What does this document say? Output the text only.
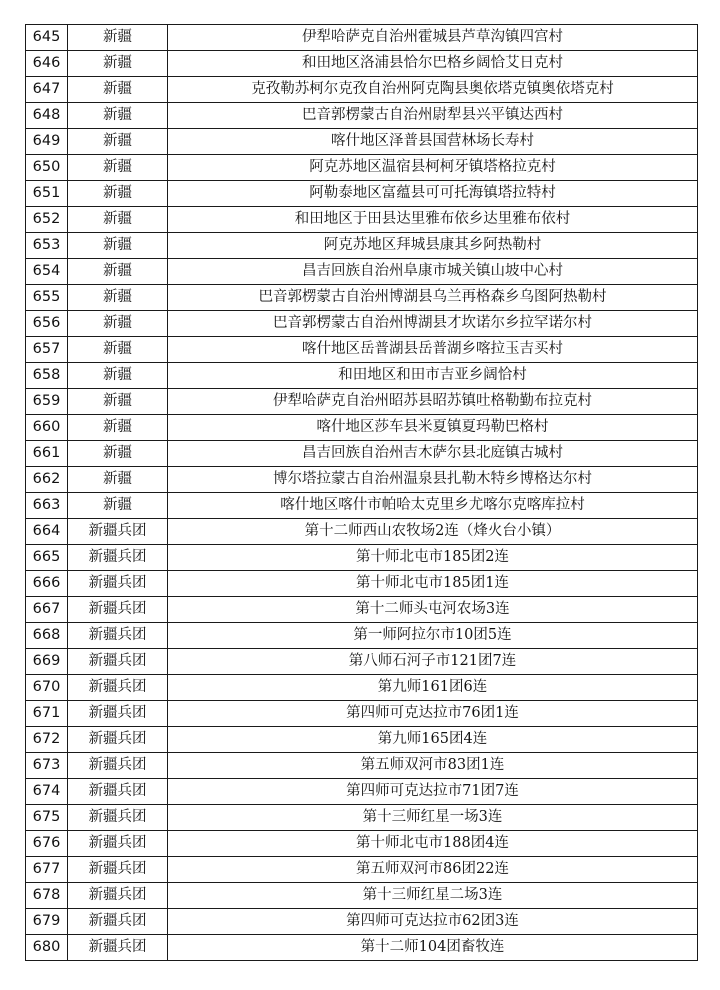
645	新疆	伊犁哈萨克自治州霍城县芦草沟镇四宫村
646	新疆	和田地区洛浦县恰尔巴格乡阔恰艾日克村
647	新疆	克孜勒苏柯尔克孜自治州阿克陶县奥依塔克镇奥依塔克村
648	新疆	巴音郭楞蒙古自治州尉犁县兴平镇达西村
649	新疆	喀什地区泽普县国营林场长寿村
650	新疆	阿克苏地区温宿县柯柯牙镇塔格拉克村
651	新疆	阿勒泰地区富蕴县可可托海镇塔拉特村
652	新疆	和田地区于田县达里雅布依乡达里雅布依村
653	新疆	阿克苏地区拜城县康其乡阿热勒村
654	新疆	昌吉回族自治州阜康市城关镇山坡中心村
655	新疆	巴音郭楞蒙古自治州博湖县乌兰再格森乡乌图阿热勒村
656	新疆	巴音郭楞蒙古自治州博湖县才坎诺尔乡拉罕诺尔村
657	新疆	喀什地区岳普湖县岳普湖乡喀拉玉吉买村
658	新疆	和田地区和田市吉亚乡阔恰村
659	新疆	伊犁哈萨克自治州昭苏县昭苏镇吐格勒勤布拉克村
660	新疆	喀什地区莎车县米夏镇夏玛勒巴格村
661	新疆	昌吉回族自治州吉木萨尔县北庭镇古城村
662	新疆	博尔塔拉蒙古自治州温泉县扎勒木特乡博格达尔村
663	新疆	喀什地区喀什市帕哈太克里乡尤喀尔克喀库拉村
664	新疆兵团	第十二师西山农牧场2连（烽火台小镇）
665	新疆兵团	第十师北屯市185团2连
666	新疆兵团	第十师北屯市185团1连
667	新疆兵团	第十二师头屯河农场3连
668	新疆兵团	第一师阿拉尔市10团5连
669	新疆兵团	第八师石河子市121团7连
670	新疆兵团	第九师161团6连
671	新疆兵团	第四师可克达拉市76团1连
672	新疆兵团	第九师165团4连
673	新疆兵团	第五师双河市83团1连
674	新疆兵团	第四师可克达拉市71团7连
675	新疆兵团	第十三师红星一场3连
676	新疆兵团	第十师北屯市188团4连
677	新疆兵团	第五师双河市86团22连
678	新疆兵团	第十三师红星二场3连
679	新疆兵团	第四师可克达拉市62团3连
680	新疆兵团	第十二师104团畜牧连
